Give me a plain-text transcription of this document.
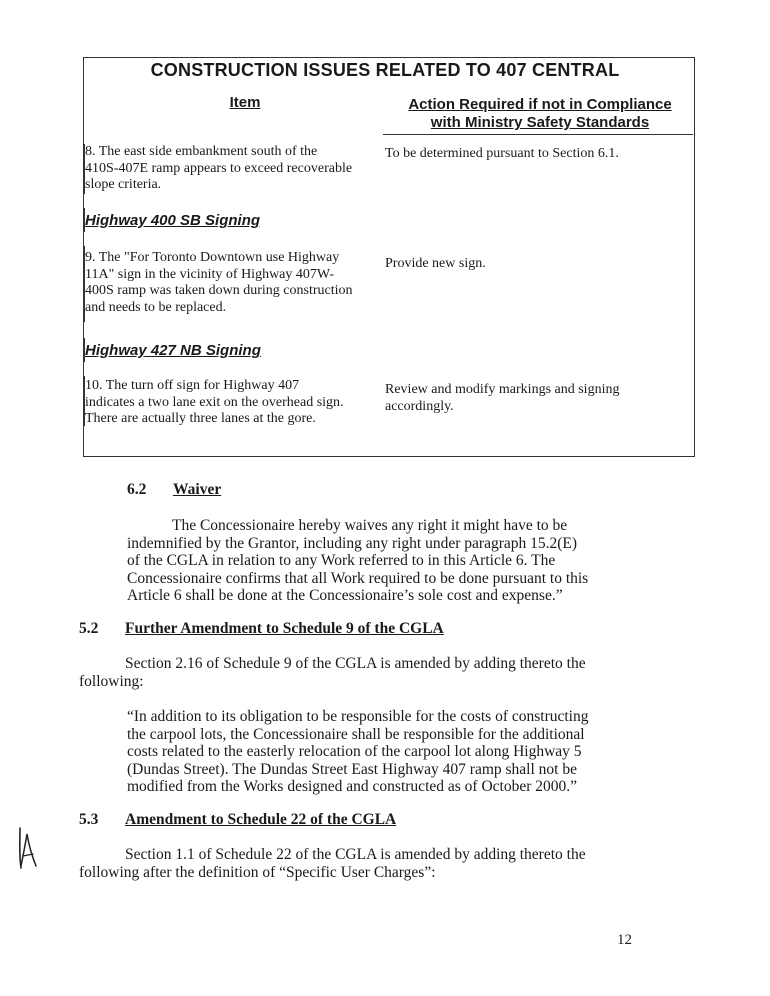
CONSTRUCTION ISSUES RELATED TO 407 CENTRAL
Item	Action Required if not in Compliance
with Ministry Safety Standards
8. The east side embankment south of the
410S-407E ramp appears to exceed recoverable
slope criteria.
To be determined pursuant to Section 6.1.
Highway 400 SB Signing
9. The "For Toronto Downtown use Highway
11A" sign in the vicinity of Highway 407W-
400S ramp was taken down during construction
and needs to be replaced.
Provide new sign.
Highway 427 NB Signing
10. The turn off sign for Highway 407
indicates a two lane exit on the overhead sign.
There are actually three lanes at the gore.
Review and modify markings and signing
accordingly.
6.2 Waiver
The Concessionaire hereby waives any right it might have to be
indemnified by the Grantor, including any right under paragraph 15.2(E)
of the CGLA in relation to any Work referred to in this Article 6. The
Concessionaire confirms that all Work required to be done pursuant to this
Article 6 shall be done at the Concessionaire’s sole cost and expense.”
5.2 Further Amendment to Schedule 9 of the CGLA
Section 2.16 of Schedule 9 of the CGLA is amended by adding thereto the
following:
“In addition to its obligation to be responsible for the costs of constructing
the carpool lots, the Concessionaire shall be responsible for the additional
costs related to the easterly relocation of the carpool lot along Highway 5
(Dundas Street). The Dundas Street East Highway 407 ramp shall not be
modified from the Works designed and constructed as of October 2000.”
5.3 Amendment to Schedule 22 of the CGLA
Section 1.1 of Schedule 22 of the CGLA is amended by adding thereto the
following after the definition of “Specific User Charges”:
12
